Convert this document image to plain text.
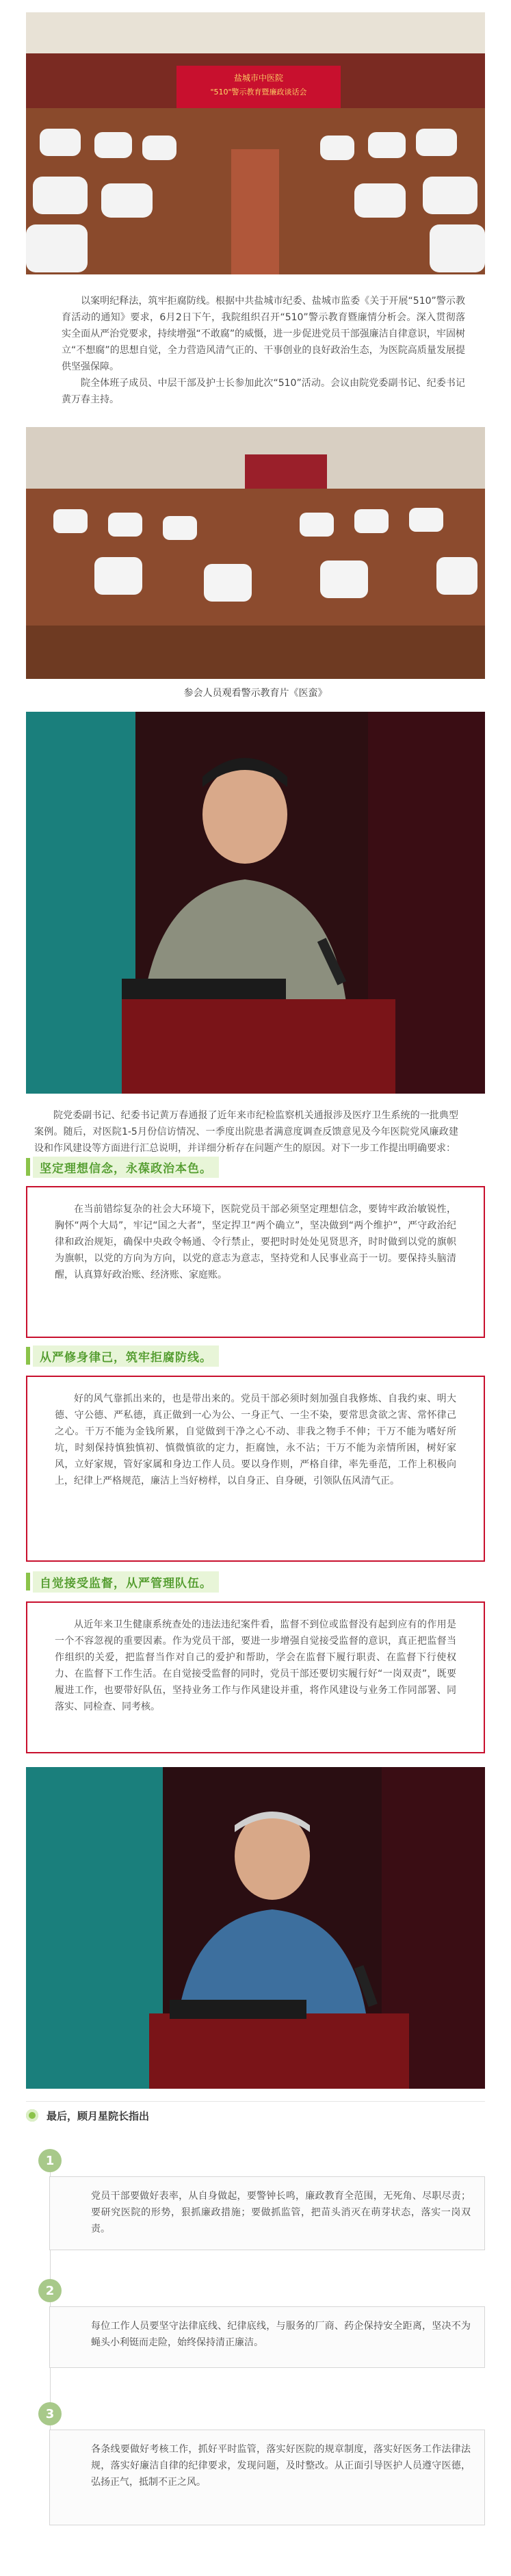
盐城市中医院
"510"警示教育暨廉政谈话会

以案明纪释法，筑牢拒腐防线。根据中共盐城市纪委、盐城市监委《关于开展“510”警示教育活动的通知》要求，6月2日下午，我院组织召开“510”警示教育暨廉情分析会。深入贯彻落实全面从严治党要求，持续增强“不敢腐”的威慑，进一步促进党员干部强廉洁自律意识，牢固树立“不想腐”的思想自觉，全力营造风清气正的、干事创业的良好政治生态，为医院高质量发展提供坚强保障。

院全体班子成员、中层干部及护士长参加此次“510”活动。会议由院党委副书记、纪委书记黄万春主持。

参会人员观看警示教育片《医蛮》

院党委副书记、纪委书记黄万春通报了近年来市纪检监察机关通报涉及医疗卫生系统的一批典型案例。随后，对医院1-5月份信访情况、一季度出院患者满意度调查反馈意见及今年医院党风廉政建设和作风建设等方面进行汇总说明，并详细分析存在问题产生的原因。对下一步工作提出明确要求：

坚定理想信念，永葆政治本色。

在当前错综复杂的社会大环境下，医院党员干部必须坚定理想信念，要铸牢政治敏锐性，胸怀“两个大局”，牢记“国之大者”，坚定捍卫“两个确立”，坚决做到“两个维护”，严守政治纪律和政治规矩，确保中央政令畅通、令行禁止，要把时时处处见贤思齐，时时做到以党的旗帜为旗帜，以党的方向为方向，以党的意志为意志，坚持党和人民事业高于一切。要保持头脑清醒，认真算好政治账、经济账、家庭账。

从严修身律己，筑牢拒腐防线。

好的风气靠抓出来的，也是带出来的。党员干部必须时刻加强自我修炼、自我约束、明大德、守公德、严私德，真正做到一心为公、一身正气、一尘不染，要常思贪欲之害、常怀律己之心。干万不能为金钱所累，自觉做到干净之心不动、非我之物手不伸；干万不能为嗜好所坑，时刻保持慎独慎初、慎微慎欲的定力，拒腐蚀，永不沾；干万不能为亲情所困，树好家风，立好家规，管好家属和身边工作人员。要以身作则，严格自律，率先垂范，工作上积极向上，纪律上严格规范，廉洁上当好榜样，以自身正、自身硬，引领队伍风清气正。

自觉接受监督，从严管理队伍。

从近年来卫生健康系统查处的违法违纪案件看，监督不到位或监督没有起到应有的作用是一个不容忽视的重要因素。作为党员干部，要进一步增强自觉接受监督的意识，真正把监督当作组织的关爱，把监督当作对自己的爱护和帮助，学会在监督下履行职责、在监督下行使权力、在监督下工作生活。在自觉接受监督的同时，党员干部还要切实履行好“一岗双责”，既要履进工作，也要带好队伍，坚持业务工作与作风建设并重，将作风建设与业务工作同部署、同落实、同检查、同考核。

最后，顾月星院长指出

党员干部要做好表率，从自身做起，要警钟长鸣，廉政教育全范围，无死角、尽职尽责；要研究医院的形势，狠抓廉政措施；要做抓监管，把苗头消灭在萌芽状态，落实一岗双责。

1

每位工作人员要坚守法律底线、纪律底线，与服务的厂商、药企保持安全距离，坚决不为蝇头小利铤而走险，始终保持清正廉洁。

2

各条线要做好考核工作，抓好平时监管，落实好医院的规章制度，落实好医务工作法律法规，落实好廉洁自律的纪律要求，发现问题，及时整改。从正面引导医护人员遵守医德，弘扬正气，抵制不正之风。

3
